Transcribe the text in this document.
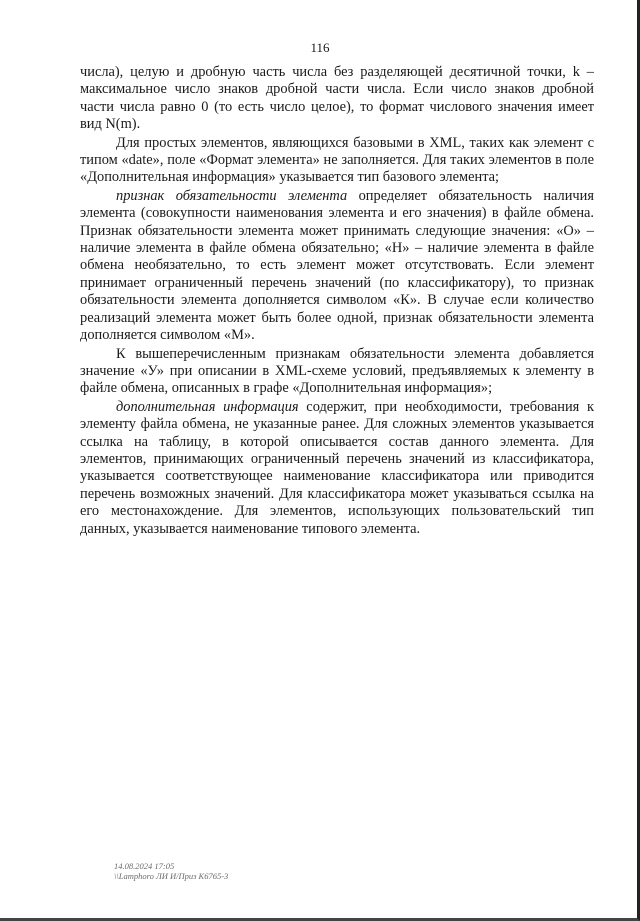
116

числа), целую и дробную часть числа без разделяющей десятичной точки, k – максимальное число знаков дробной части числа. Если число знаков дробной части числа равно 0 (то есть число целое), то формат числового значения имеет вид N(m).

Для простых элементов, являющихся базовыми в XML, таких как элемент с типом «date», поле «Формат элемента» не заполняется. Для таких элементов в поле «Дополнительная информация» указывается тип базового элемента;

признак обязательности элемента определяет обязательность наличия элемента (совокупности наименования элемента и его значения) в файле обмена. Признак обязательности элемента может принимать следующие значения: «О» – наличие элемента в файле обмена обязательно; «Н» – наличие элемента в файле обмена необязательно, то есть элемент может отсутствовать. Если элемент принимает ограниченный перечень значений (по классификатору), то признак обязательности элемента дополняется символом «К». В случае если количество реализаций элемента может быть более одной, признак обязательности элемента дополняется символом «М».

К вышеперечисленным признакам обязательности элемента добавляется значение «У» при описании в XML-схеме условий, предъявляемых к элементу в файле обмена, описанных в графе «Дополнительная информация»;

дополнительная информация содержит, при необходимости, требования к элементу файла обмена, не указанные ранее. Для сложных элементов указывается ссылка на таблицу, в которой описывается состав данного элемента. Для элементов, принимающих ограниченный перечень значений из классификатора, указывается соответствующее наименование классификатора или приводится перечень возможных значений. Для классификатора может указываться ссылка на его местонахождение. Для элементов, использующих пользовательский тип данных, указывается наименование типового элемента.

14.08.2024 17:05
\\Lamphoro ЛИ И/Приз К6765-3
